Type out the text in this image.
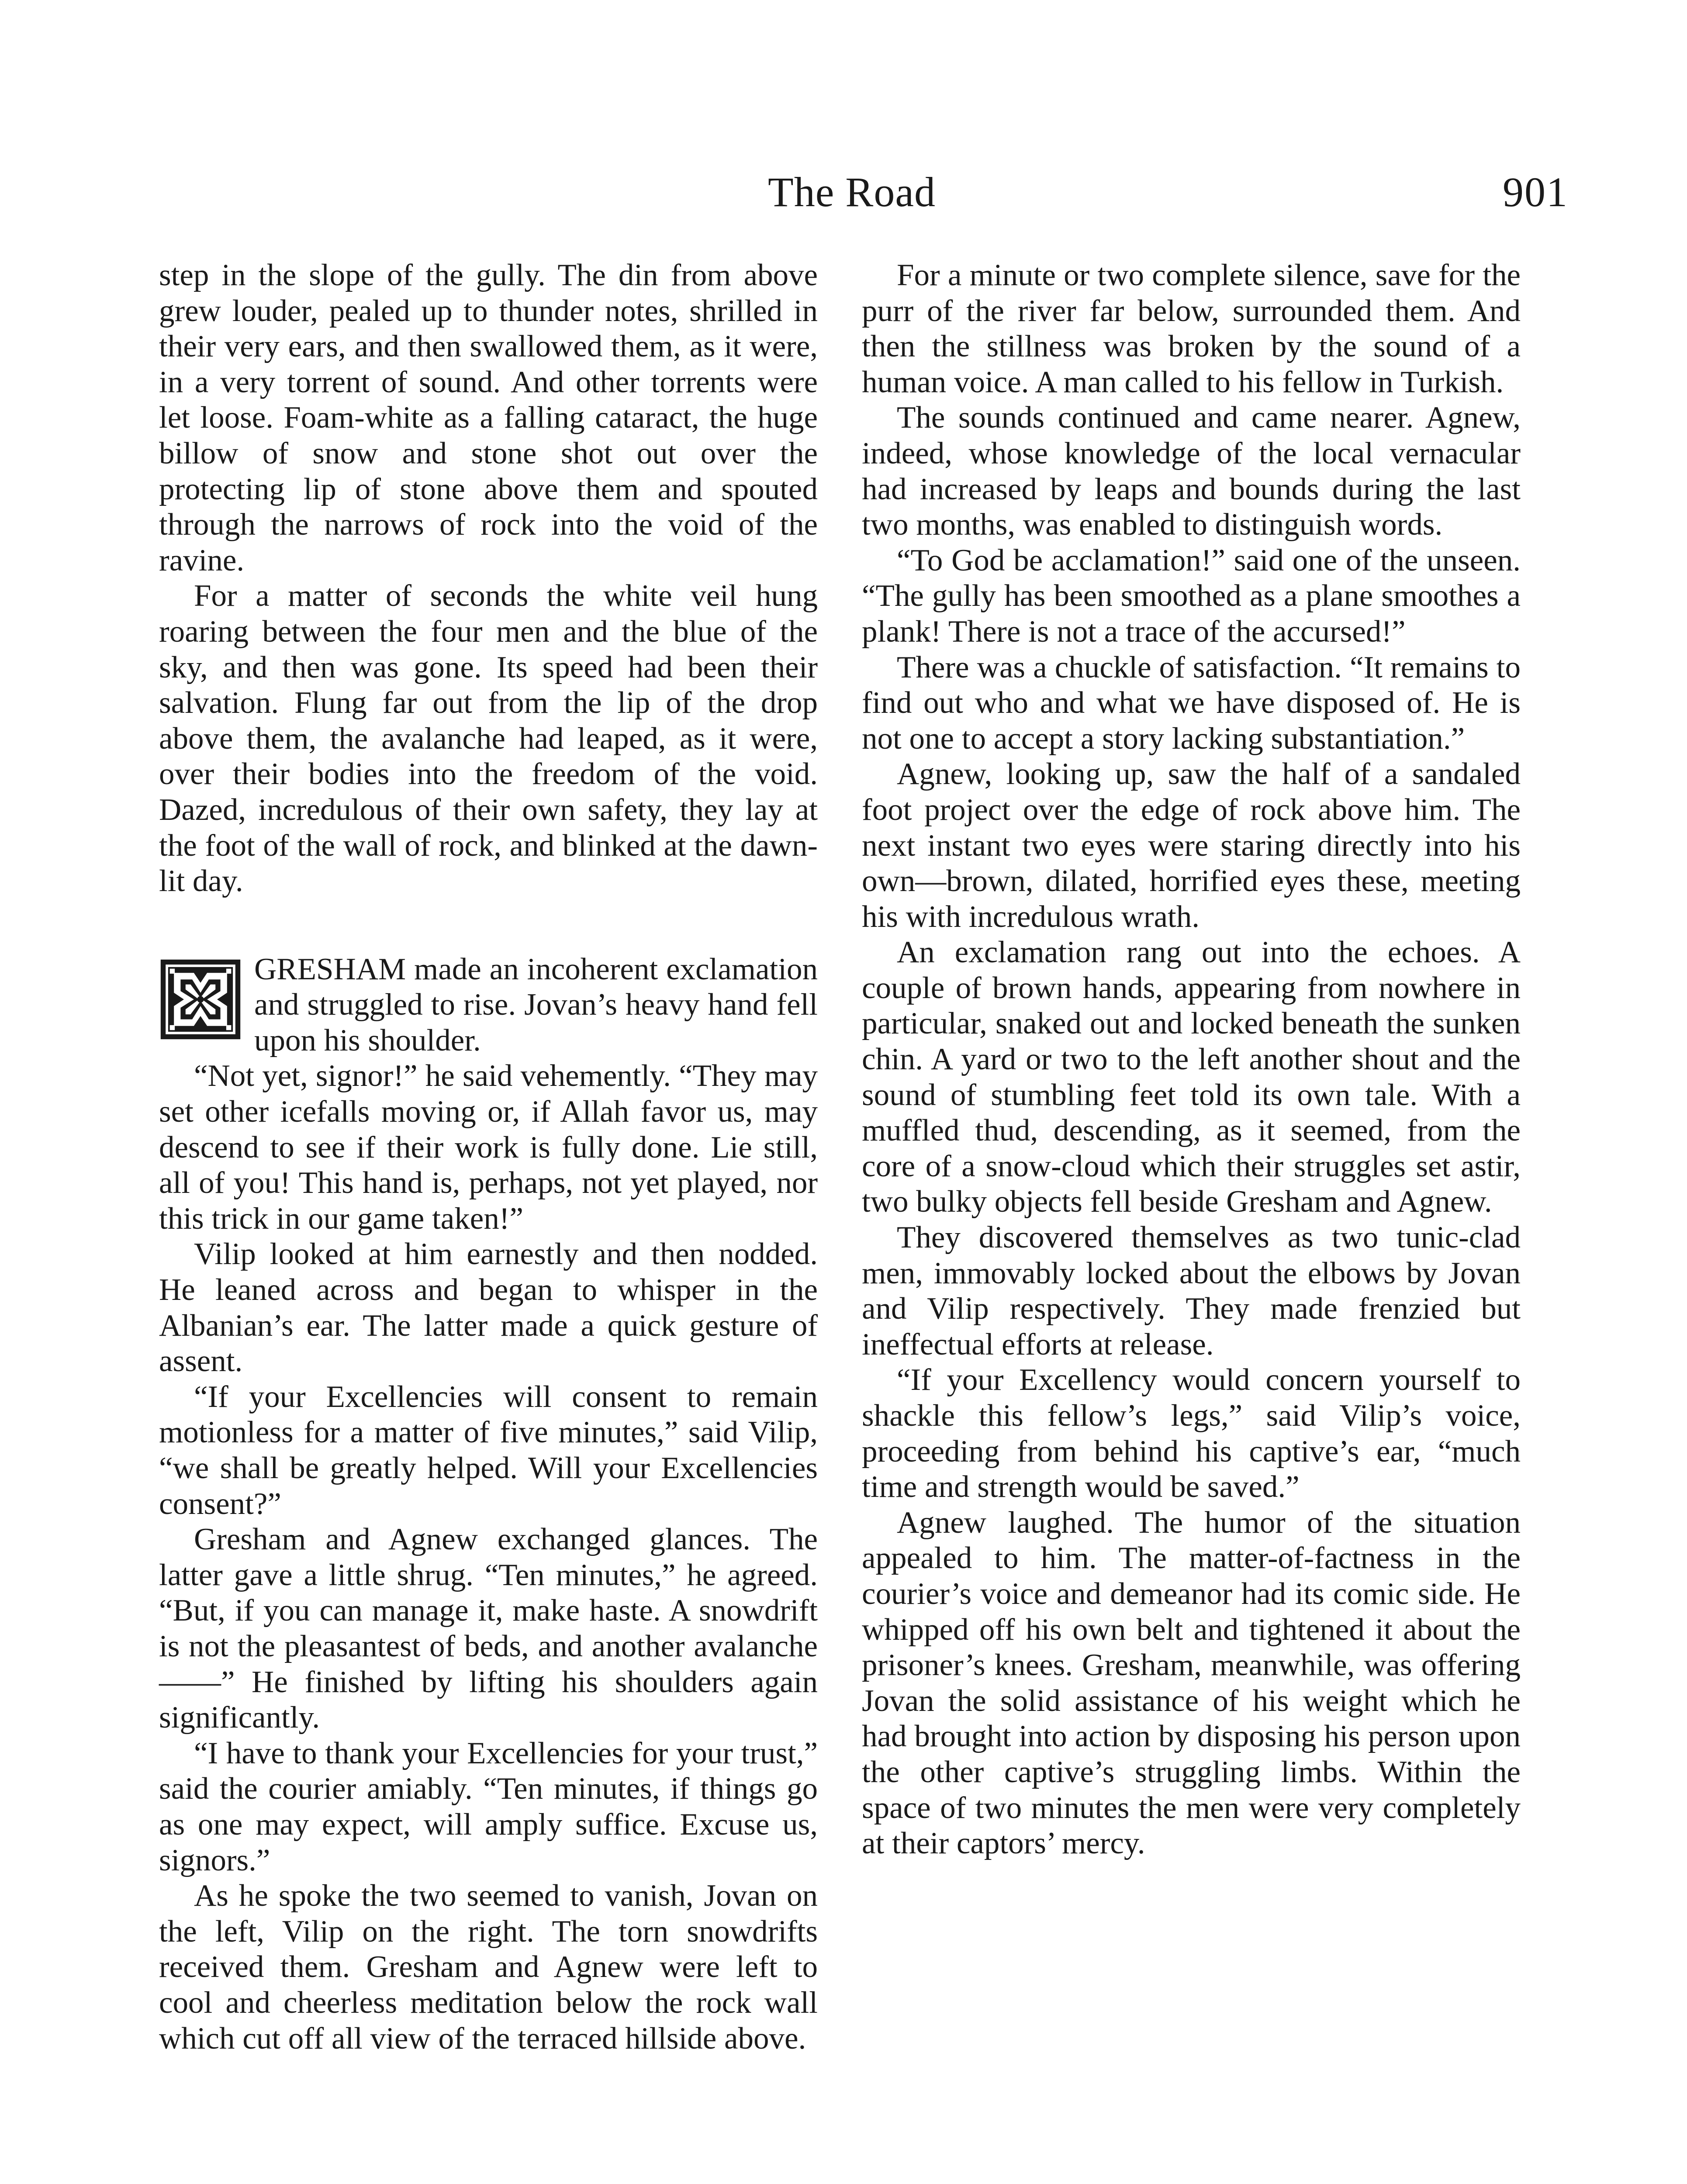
The Road	901

step in the slope of the gully. The din from above grew louder, pealed up to thunder notes, shrilled in their very ears, and then swallowed them, as it were, in a very torrent of sound. And other torrents were let loose. Foam-white as a falling cataract, the huge billow of snow and stone shot out over the protecting lip of stone above them and spouted through the narrows of rock into the void of the ravine.

For a matter of seconds the white veil hung roaring between the four men and the blue of the sky, and then was gone. Its speed had been their salvation. Flung far out from the lip of the drop above them, the avalanche had leaped, as it were, over their bodies into the freedom of the void. Dazed, incredulous of their own safety, they lay at the foot of the wall of rock, and blinked at the dawn-lit day.

GRESHAM made an incoherent exclamation and struggled to rise. Jovan’s heavy hand fell upon his shoulder.

“Not yet, signor!” he said vehemently. “They may set other icefalls moving or, if Allah favor us, may descend to see if their work is fully done. Lie still, all of you! This hand is, perhaps, not yet played, nor this trick in our game taken!”

Vilip looked at him earnestly and then nodded. He leaned across and began to whisper in the Albanian’s ear. The latter made a quick gesture of assent.

“If your Excellencies will consent to remain motionless for a matter of five minutes,” said Vilip, “we shall be greatly helped. Will your Excellencies consent?”

Gresham and Agnew exchanged glances. The latter gave a little shrug. “Ten minutes,” he agreed. “But, if you can manage it, make haste. A snowdrift is not the pleasantest of beds, and another avalanche——” He finished by lifting his shoulders again significantly.

“I have to thank your Excellencies for your trust,” said the courier amiably. “Ten minutes, if things go as one may expect, will amply suffice. Excuse us, signors.”

As he spoke the two seemed to vanish, Jovan on the left, Vilip on the right. The torn snowdrifts received them. Gresham and Agnew were left to cool and cheerless meditation below the rock wall which cut off all view of the terraced hillside above.

For a minute or two complete silence, save for the purr of the river far below, surrounded them. And then the stillness was broken by the sound of a human voice. A man called to his fellow in Turkish.

The sounds continued and came nearer. Agnew, indeed, whose knowledge of the local vernacular had increased by leaps and bounds during the last two months, was enabled to distinguish words.

“To God be acclamation!” said one of the unseen. “The gully has been smoothed as a plane smoothes a plank! There is not a trace of the accursed!”

There was a chuckle of satisfaction. “It remains to find out who and what we have disposed of. He is not one to accept a story lacking substantiation.”

Agnew, looking up, saw the half of a sandaled foot project over the edge of rock above him. The next instant two eyes were staring directly into his own—brown, dilated, horrified eyes these, meeting his with incredulous wrath.

An exclamation rang out into the echoes. A couple of brown hands, appearing from nowhere in particular, snaked out and locked beneath the sunken chin. A yard or two to the left another shout and the sound of stumbling feet told its own tale. With a muffled thud, descending, as it seemed, from the core of a snow-cloud which their struggles set astir, two bulky objects fell beside Gresham and Agnew.

They discovered themselves as two tunic-clad men, immovably locked about the elbows by Jovan and Vilip respectively. They made frenzied but ineffectual efforts at release.

“If your Excellency would concern yourself to shackle this fellow’s legs,” said Vilip’s voice, proceeding from behind his captive’s ear, “much time and strength would be saved.”

Agnew laughed. The humor of the situation appealed to him. The matter-of-factness in the courier’s voice and demeanor had its comic side. He whipped off his own belt and tightened it about the prisoner’s knees. Gresham, meanwhile, was offering Jovan the solid assistance of his weight which he had brought into action by disposing his person upon the other captive’s struggling limbs. Within the space of two minutes the men were very completely at their captors’ mercy.
